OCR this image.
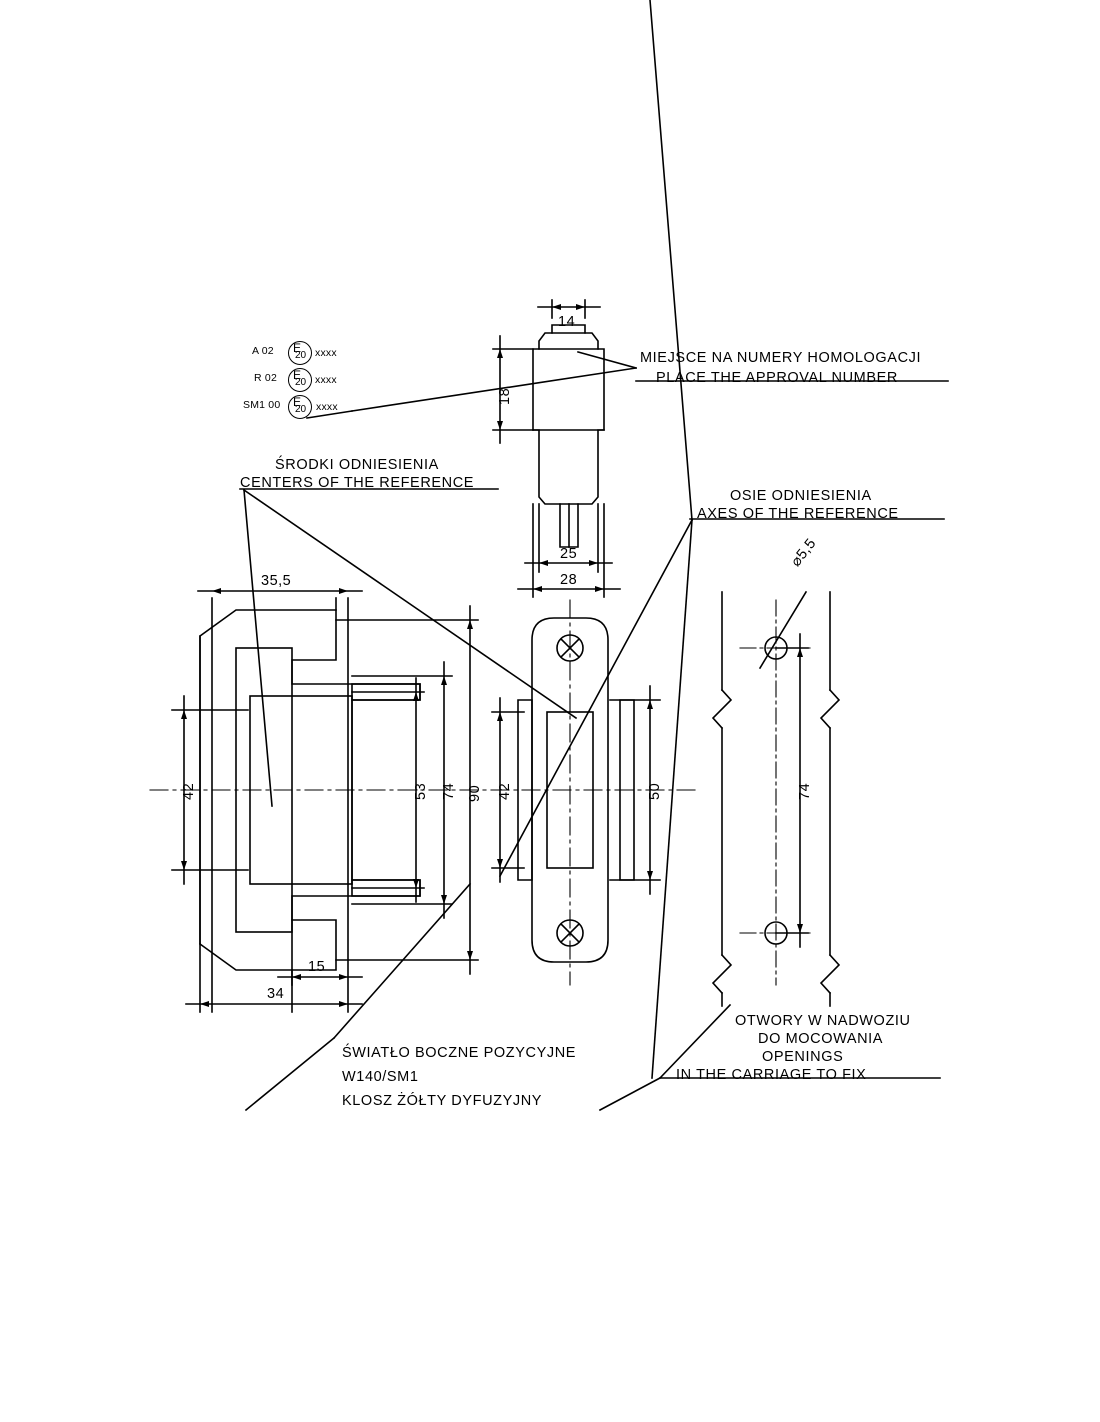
A 02 E
20 xxxx
R 02 E
20 xxxx
SM1 00 E
20 xxxx
MIEJSCE NA NUMERY HOMOLOGACJI
PLACE THE APPROVAL NUMBER
ŚRODKI ODNIESIENIA
CENTERS OF THE REFERENCE
OSIE ODNIESIENIA
AXES OF THE REFERENCE
OTWORY W NADWOZIU
DO MOCOWANIA
OPENINGS
IN THE CARRIAGE TO FIX
ŚWIATŁO BOCZNE POZYCYJNE
W140/SM1
KLOSZ ŻÓŁTY DYFUZYJNY
14
18
25
28
35,5
42	53 74 90
15
34
42	50
⌀5,5
74
